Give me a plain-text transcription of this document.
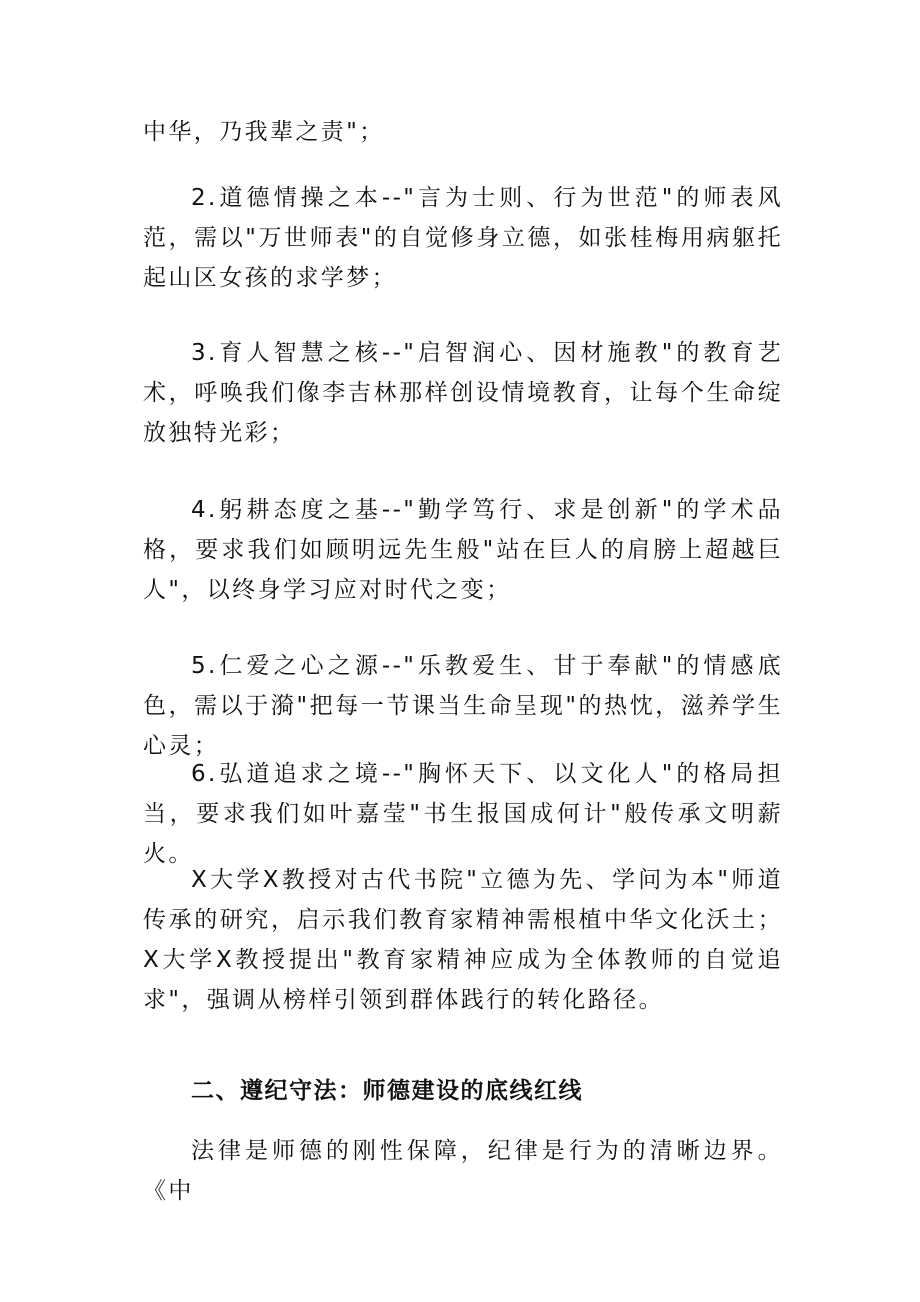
中华，乃我辈之责"；

2.道德情操之本--"言为士则、行为世范"的师表风范，需以"万世师表"的自觉修身立德，如张桂梅用病躯托起山区女孩的求学梦；

3.育人智慧之核--"启智润心、因材施教"的教育艺术，呼唤我们像李吉林那样创设情境教育，让每个生命绽放独特光彩；

4.躬耕态度之基--"勤学笃行、求是创新"的学术品格，要求我们如顾明远先生般"站在巨人的肩膀上超越巨人"，以终身学习应对时代之变；

5.仁爱之心之源--"乐教爱生、甘于奉献"的情感底色，需以于漪"把每一节课当生命呈现"的热忱，滋养学生心灵；

6.弘道追求之境--"胸怀天下、以文化人"的格局担当，要求我们如叶嘉莹"书生报国成何计"般传承文明薪火。

X大学X教授对古代书院"立德为先、学问为本"师道传承的研究，启示我们教育家精神需根植中华文化沃土；X大学X教授提出"教育家精神应成为全体教师的自觉追求"，强调从榜样引领到群体践行的转化路径。

二、遵纪守法：师德建设的底线红线

法律是师德的刚性保障，纪律是行为的清晰边界。《中
